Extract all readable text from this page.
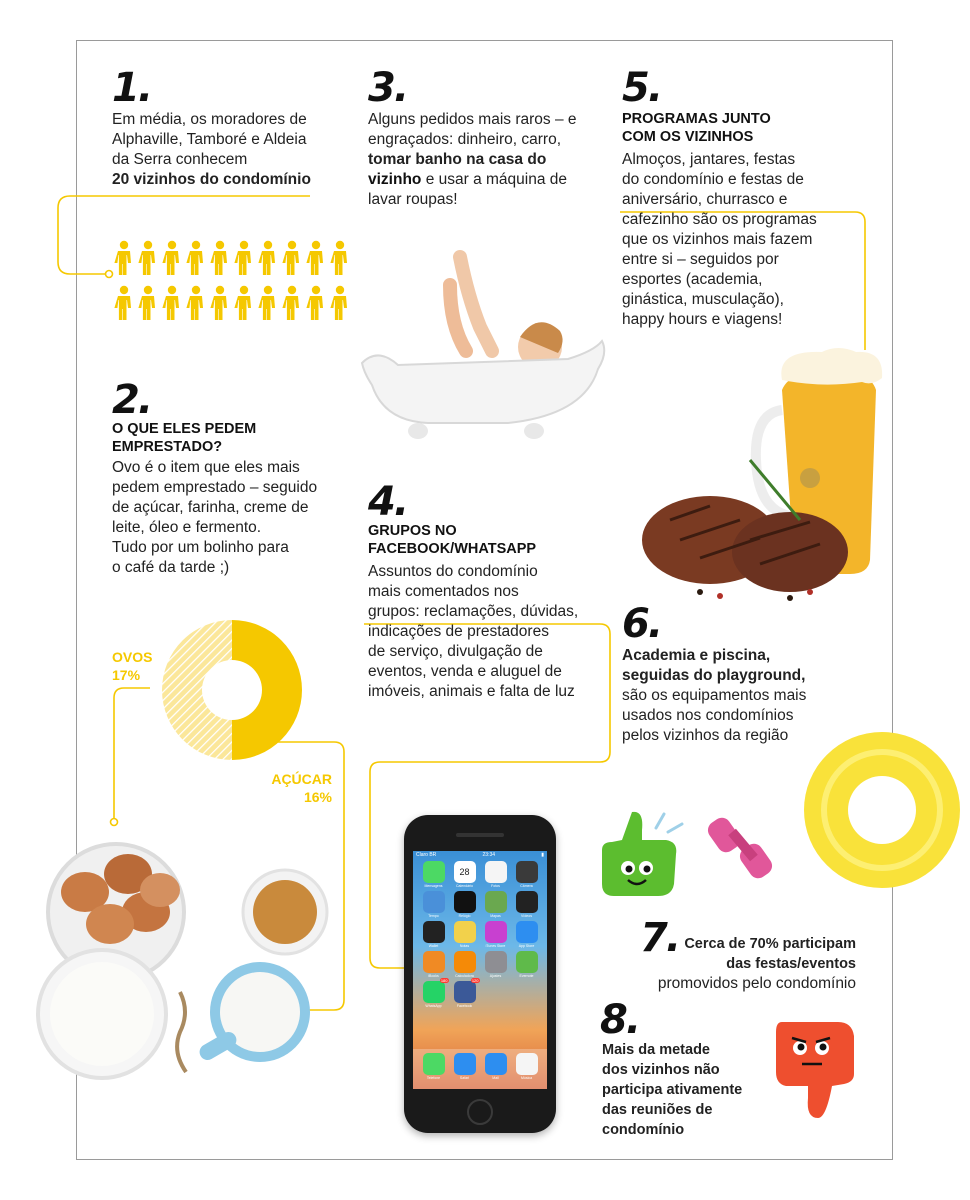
1.
Em média, os moradores de
Alphaville, Tamboré e Aldeia
da Serra conhecem
20 vizinhos do condomínio
2.
O QUE ELES PEDEM
EMPRESTADO?
Ovo é o item que eles mais
pedem emprestado – seguido
de açúcar, farinha, creme de
leite, óleo e fermento.
Tudo por um bolinho para
o café da tarde ;)
OVOS
17%
AÇÚCAR
16%
3.
Alguns pedidos mais raros – e
engraçados: dinheiro, carro,
tomar banho na casa do
vizinho e usar a máquina de
lavar roupas!
4.
GRUPOS NO
FACEBOOK/WHATSAPP
Assuntos do condomínio
mais comentados nos
grupos: reclamações, dúvidas,
indicações de prestadores
de serviço, divulgação de
eventos, venda e aluguel de
imóveis, animais e falta de luz
Claro BR	23:34	▮
Mensagens
28
Calendário	Fotos	Câmera
Tempo	Relógio	Mapas	Vídeos
Wallet	Notas	iTunes Store	App Store
iBooks	Calculadora	Ajustes	Evernote
180
WhatsApp
120
Facebook
Telefone	Safari	Mail	Música
5.
PROGRAMAS JUNTO
COM OS VIZINHOS
Almoços, jantares, festas
do condomínio e festas de
aniversário, churrasco e
cafezinho são os programas
que os vizinhos mais fazem
entre si – seguidos por
esportes (academia,
ginástica, musculação),
happy hours e viagens!
6.
Academia e piscina,
seguidas do playground,
são os equipamentos mais
usados nos condomínios
pelos vizinhos da região
7. Cerca de 70% participam
das festas/eventos
promovidos pelo condomínio
8.
Mais da metade
dos vizinhos não
participa ativamente
das reuniões de
condomínio
